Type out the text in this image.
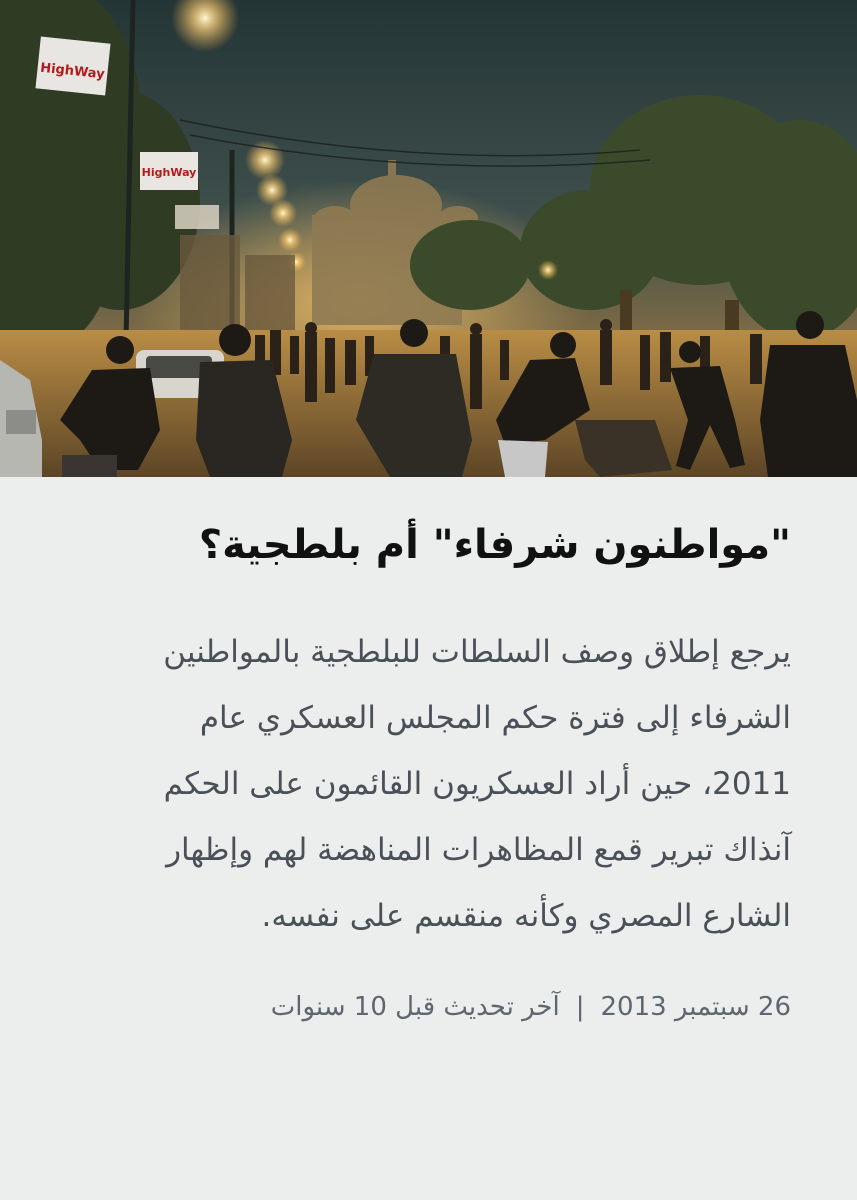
HighWay
HighWay
"مواطنون شرفاء" أم بلطجية؟

يرجع إطلاق وصف السلطات للبلطجية بالمواطنين الشرفاء إلى فترة حكم المجلس العسكري عام 2011، حين أراد العسكريون القائمون على الحكم آنذاك تبرير قمع المظاهرات المناهضة لهم وإظهار الشارع المصري وكأنه منقسم على نفسه.

26 سبتمبر 2013|آخر تحديث قبل 10 سنوات
